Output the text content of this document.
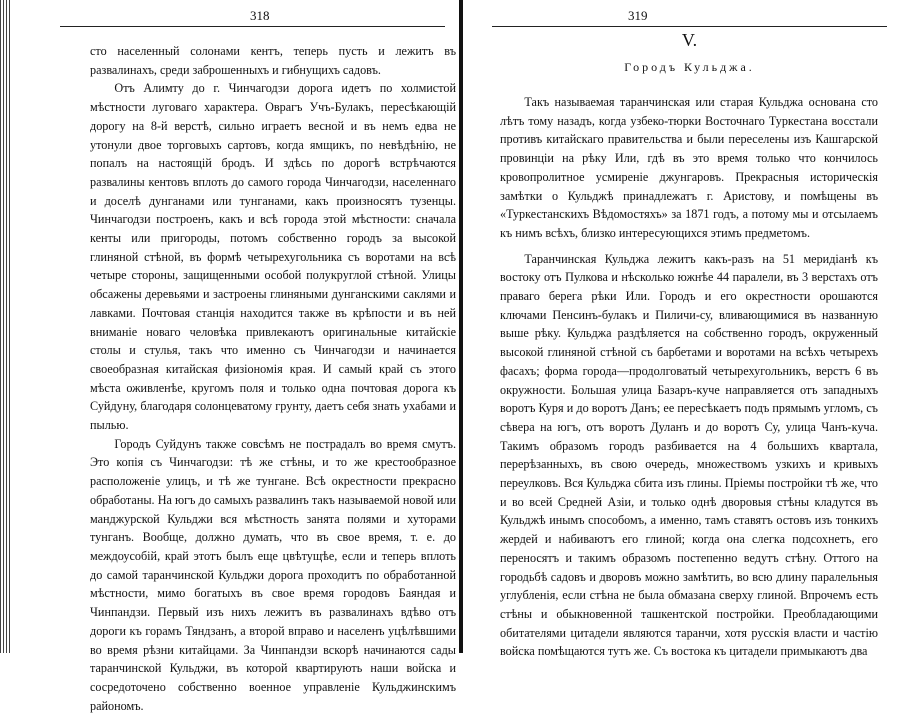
318

сто населенный солонами кентъ, теперь пусть и лежитъ въ развалинахъ, среди заброшенныхъ и гибнущихъ садовъ.

Отъ Алимту до г. Чинчагодзи дорога идетъ по холмистой мѣстности луговаго характера. Оврагъ Учъ-Булакъ, пересѣкающій дорогу на 8-й верстѣ, сильно играетъ весной и въ немъ едва не утонули двое торговыхъ сартовъ, когда ямщикъ, по невѣдѣнію, не попалъ на настоящій бродъ. И здѣсь по дорогѣ встрѣчаются развалины кентовъ вплоть до самого города Чинчагодзи, населеннаго и доселѣ дунганами или тунганами, какъ произносятъ тузенцы. Чинчагодзи построенъ, какъ и всѣ города этой мѣстности: сначала кенты или пригороды, потомъ собственно городъ за высокой глиняной стѣной, въ формѣ четырехугольника съ воротами на всѣ четыре стороны, защищенными особой полукруглой стѣной. Улицы обсажены деревьями и застроены глиняными дунганскими саклями и лавками. Почтовая станція находится также въ крѣпости и въ ней вниманіе новаго человѣка привлекаютъ оригинальные китайскіе столы и стулья, такъ что именно съ Чинчагодзи и начинается своеобразная китайская физіономія края. И самый край съ этого мѣста оживленѣе, кругомъ поля и только одна почтовая дорога къ Суйдуну, благодаря солонцеватому грунту, даетъ себя знать ухабами и пылью.

Городъ Суйдунъ также совсѣмъ не пострадалъ во время смутъ. Это копія съ Чинчагодзи: тѣ же стѣны, и то же крестообразное расположеніе улицъ, и тѣ же тунгане. Всѣ окрестности прекрасно обработаны. На югъ до самыхъ развалинъ такъ называемой новой или манджурской Кульджи вся мѣстность занята полями и хуторами тунганъ. Вообще, должно думать, что въ свое время, т. е. до междоусобій, край этотъ былъ еще цвѣтущѣе, если и теперь вплоть до самой таранчинской Кульджи дорога проходитъ по обработанной мѣстности, мимо богатыхъ въ свое время городовъ Баяндая и Чинпандзи. Первый изъ нихъ лежитъ въ развалинахъ вдѣво отъ дороги къ горамъ Тяндзанъ, а второй вправо и населенъ уцѣлѣвшими во время рѣзни китайцами. За Чинпандзи вскорѣ начинаются сады таранчинской Кульджи, въ которой квартирують наши войска и сосредоточено собственно военное управленіе Кульджинскимъ райономъ.

319
V.
Городъ Кульджа.

Такъ называемая таранчинская или старая Кульджа основана сто лѣтъ тому назадъ, когда узбеко-тюрки Восточнаго Туркестана восстали противъ китайскаго правительства и были переселены изъ Кашгарской провинціи на рѣку Или, гдѣ въ это время только что кончилось кровопролитное усмиреніе джунгаровъ. Прекрасныя историческія замѣтки о Кульджѣ принадлежатъ г. Аристову, и помѣщены въ «Туркестанскихъ Вѣдомостяхъ» за 1871 годъ, а потому мы и отсылаемъ къ нимъ всѣхъ, близко интересующихся этимъ предметомъ.

Таранчинская Кульджа лежитъ какъ-разъ на 51 меридіанѣ къ востоку отъ Пулкова и нѣсколько южнѣе 44 паралели, въ 3 верстахъ отъ праваго берега рѣки Или. Городъ и его окрестности орошаются ключами Пенсинъ-булакъ и Пиличи-су, вливающимися въ названную выше рѣку. Кульджа раздѣляется на собственно городъ, окруженный высокой глиняной стѣной съ барбетами и воротами на всѣхъ четырехъ фасахъ; форма города—продолговатый четырехугольникъ, верстъ 6 въ окружности. Большая улица Базаръ-куче направляется отъ западныхъ воротъ Куря и до воротъ Данъ; ее пересѣкаетъ подъ прямымъ угломъ, съ сѣвера на югъ, отъ воротъ Дуланъ и до воротъ Су, улица Чанъ-куча. Такимъ образомъ городъ разбивается на 4 большихъ квартала, перерѣзанныхъ, въ свою очередь, множествомъ узкихъ и кривыхъ переулковъ. Вся Кульджа сбита изъ глины. Пріемы постройки тѣ же, что и во всей Средней Азіи, и только однѣ дворовыя стѣны кладутся въ Кульджѣ инымъ способомъ, а именно, тамъ ставятъ остовъ изъ тонкихъ жердей и набиваютъ его глиной; когда она слегка подсохнетъ, его переносятъ и такимъ образомъ постепенно ведутъ стѣну. Оттого на городьбѣ садовъ и дворовъ можно замѣтить, во всю длину паралельныя углубленія, если стѣна не была обмазана сверху глиной. Впрочемъ есть стѣны и обыкновенной ташкентской постройки. Преобладающими обитателями цитадели являются таранчи, хотя русскія власти и частію войска помѣщаются тутъ же. Съ востока къ цитадели примыкаютъ два
